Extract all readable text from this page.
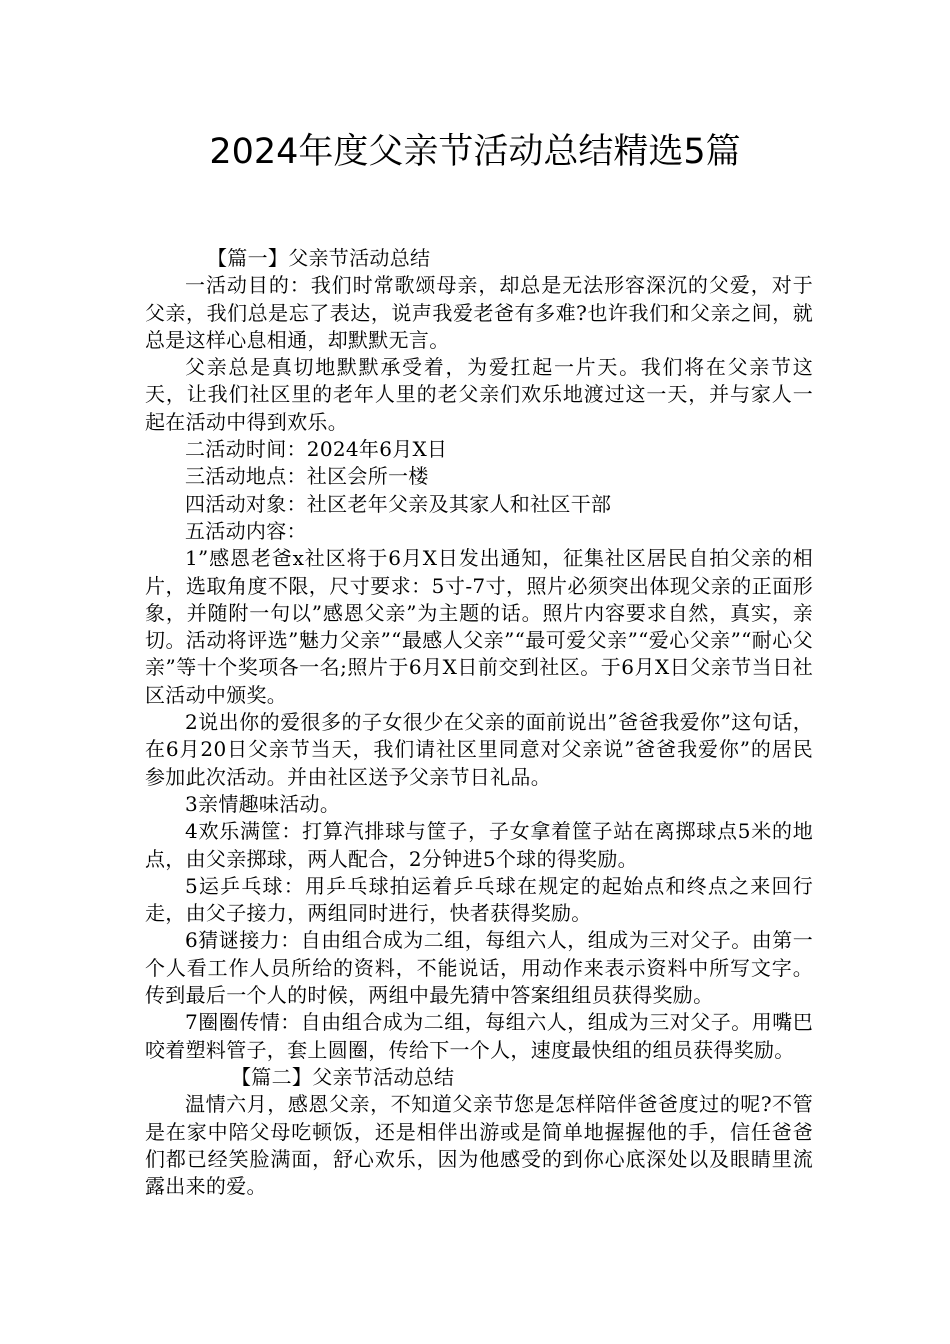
2024年度父亲节活动总结精选5篇

【篇一】父亲节活动总结

一活动目的：我们时常歌颂母亲，却总是无法形容深沉的父爱，对于父亲，我们总是忘了表达，说声我爱老爸有多难?也许我们和父亲之间，就总是这样心息相通，却默默无言。

父亲总是真切地默默承受着，为爱扛起一片天。我们将在父亲节这天，让我们社区里的老年人里的老父亲们欢乐地渡过这一天，并与家人一起在活动中得到欢乐。

二活动时间：2024年6月X日

三活动地点：社区会所一楼

四活动对象：社区老年父亲及其家人和社区干部

五活动内容：

1”感恩老爸x社区将于6月X日发出通知，征集社区居民自拍父亲的相片，选取角度不限，尺寸要求：5寸-7寸，照片必须突出体现父亲的正面形象，并随附一句以”感恩父亲”为主题的话。照片内容要求自然，真实，亲切。活动将评选”魅力父亲”“最感人父亲”“最可爱父亲”“爱心父亲”“耐心父亲”等十个奖项各一名;照片于6月X日前交到社区。于6月X日父亲节当日社区活动中颁奖。

2说出你的爱很多的子女很少在父亲的面前说出”爸爸我爱你”这句话，在6月20日父亲节当天，我们请社区里同意对父亲说”爸爸我爱你”的居民参加此次活动。并由社区送予父亲节日礼品。

3亲情趣味活动。

4欢乐满筐：打算汽排球与筐子，子女拿着筐子站在离掷球点5米的地点，由父亲掷球，两人配合，2分钟进5个球的得奖励。

5运乒乓球：用乒乓球拍运着乒乓球在规定的起始点和终点之来回行走，由父子接力，两组同时进行，快者获得奖励。

6猜谜接力：自由组合成为二组，每组六人，组成为三对父子。由第一个人看工作人员所给的资料，不能说话，用动作来表示资料中所写文字。传到最后一个人的时候，两组中最先猜中答案组组员获得奖励。

7圈圈传情：自由组合成为二组，每组六人，组成为三对父子。用嘴巴咬着塑料管子，套上圆圈，传给下一个人，速度最快组的组员获得奖励。

【篇二】父亲节活动总结

温情六月，感恩父亲，不知道父亲节您是怎样陪伴爸爸度过的呢?不管是在家中陪父母吃顿饭，还是相伴出游或是简单地握握他的手，信任爸爸们都已经笑脸满面，舒心欢乐，因为他感受的到你心底深处以及眼睛里流露出来的爱。
